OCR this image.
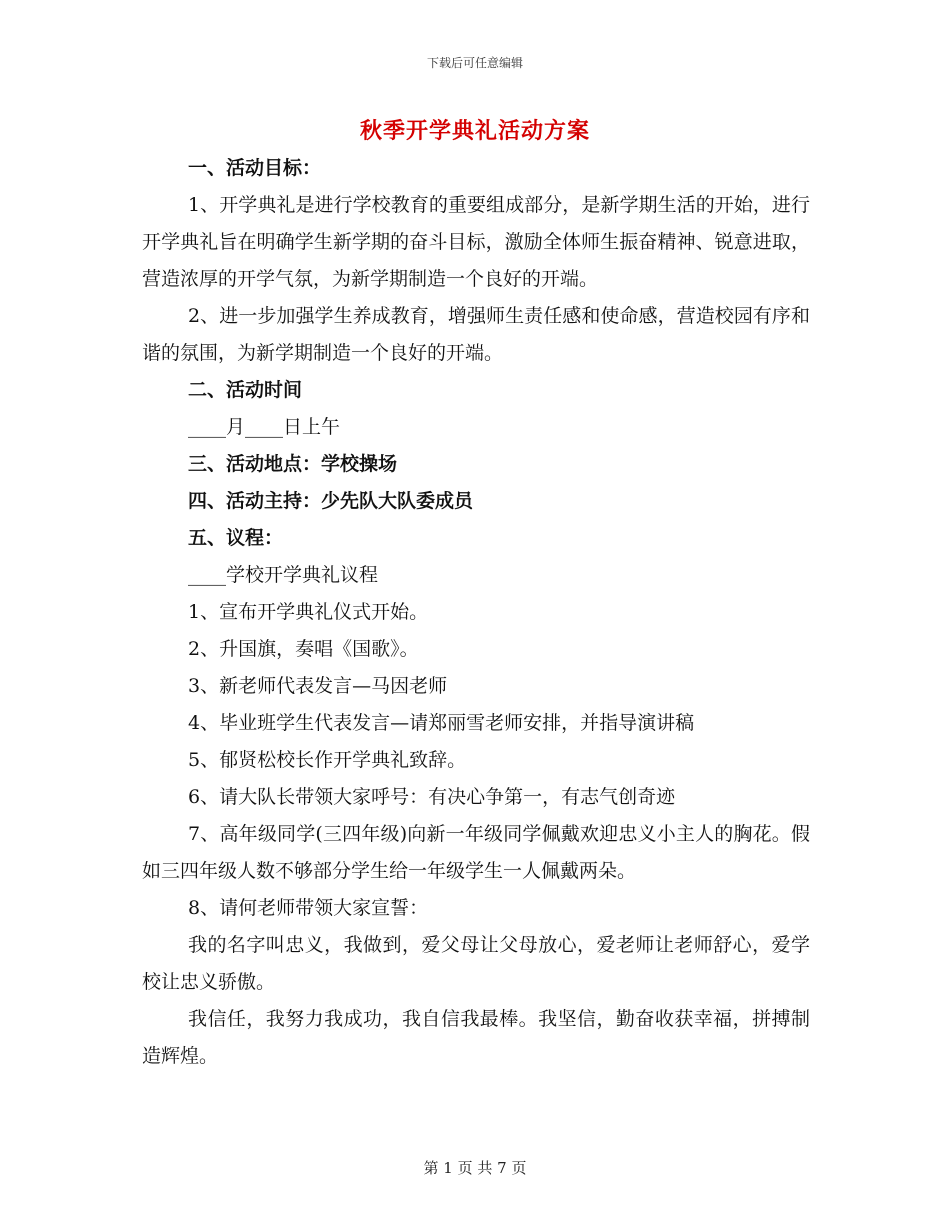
下载后可任意编辑
秋季开学典礼活动方案

一、活动目标：

1、开学典礼是进行学校教育的重要组成部分，是新学期生活的开始，进行开学典礼旨在明确学生新学期的奋斗目标，激励全体师生振奋精神、锐意进取，营造浓厚的开学气氛，为新学期制造一个良好的开端。

2、进一步加强学生养成教育，增强师生责任感和使命感，营造校园有序和谐的氛围，为新学期制造一个良好的开端。

二、活动时间

____月____日上午

三、活动地点：学校操场

四、活动主持：少先队大队委成员

五、议程：

____学校开学典礼议程

1、宣布开学典礼仪式开始。

2、升国旗，奏唱《国歌》。

3、新老师代表发言—马因老师

4、毕业班学生代表发言—请郑丽雪老师安排，并指导演讲稿

5、郁贤松校长作开学典礼致辞。

6、请大队长带领大家呼号：有决心争第一，有志气创奇迹

7、高年级同学(三四年级)向新一年级同学佩戴欢迎忠义小主人的胸花。假如三四年级人数不够部分学生给一年级学生一人佩戴两朵。

8、请何老师带领大家宣誓：

我的名字叫忠义，我做到，爱父母让父母放心，爱老师让老师舒心，爱学校让忠义骄傲。

我信任，我努力我成功，我自信我最棒。我坚信，勤奋收获幸福，拼搏制造辉煌。

第 1 页 共 7 页
